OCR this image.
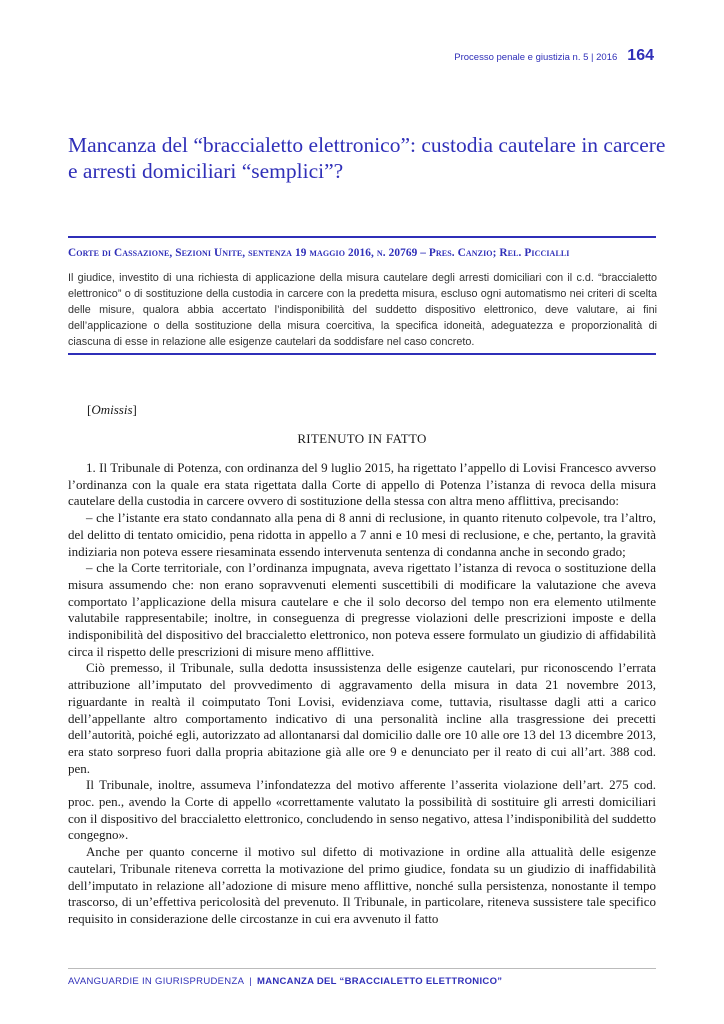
Processo penale e giustizia n. 5 | 2016 164
Mancanza del “braccialetto elettronico”: custodia cautelare in carcere e arresti domiciliari “semplici”?
Corte di Cassazione, Sezioni Unite, sentenza 19 maggio 2016, n. 20769 – Pres. Canzio; Rel. Piccialli
Il giudice, investito di una richiesta di applicazione della misura cautelare degli arresti domiciliari con il c.d. “braccialetto elettronico” o di sostituzione della custodia in carcere con la predetta misura, escluso ogni automatismo nei criteri di scelta delle misure, qualora abbia accertato l’indisponibilità del suddetto dispositivo elettronico, deve valutare, ai fini dell’applicazione o della sostituzione della misura coercitiva, la specifica idoneità, adeguatezza e proporzionalità di ciascuna di esse in relazione alle esigenze cautelari da soddisfare nel caso concreto.
[Omissis]
RITENUTO IN FATTO

1. Il Tribunale di Potenza, con ordinanza del 9 luglio 2015, ha rigettato l’appello di Lovisi Francesco avverso l’ordinanza con la quale era stata rigettata dalla Corte di appello di Potenza l’istanza di revoca della misura cautelare della custodia in carcere ovvero di sostituzione della stessa con altra meno afflittiva, precisando:

– che l’istante era stato condannato alla pena di 8 anni di reclusione, in quanto ritenuto colpevole, tra l’altro, del delitto di tentato omicidio, pena ridotta in appello a 7 anni e 10 mesi di reclusione, e che, pertanto, la gravità indiziaria non poteva essere riesaminata essendo intervenuta sentenza di condanna anche in secondo grado;

– che la Corte territoriale, con l’ordinanza impugnata, aveva rigettato l’istanza di revoca o sostituzione della misura assumendo che: non erano sopravvenuti elementi suscettibili di modificare la valutazione che aveva comportato l’applicazione della misura cautelare e che il solo decorso del tempo non era elemento utilmente valutabile rappresentabile; inoltre, in conseguenza di pregresse violazioni delle prescrizioni imposte e della indisponibilità del dispositivo del braccialetto elettronico, non poteva essere formulato un giudizio di affidabilità circa il rispetto delle prescrizioni di misure meno afflittive.

Ciò premesso, il Tribunale, sulla dedotta insussistenza delle esigenze cautelari, pur riconoscendo l’errata attribuzione all’imputato del provvedimento di aggravamento della misura in data 21 novembre 2013, riguardante in realtà il coimputato Toni Lovisi, evidenziava come, tuttavia, risultasse dagli atti a carico dell’appellante altro comportamento indicativo di una personalità incline alla trasgressione dei precetti dell’autorità, poiché egli, autorizzato ad allontanarsi dal domicilio dalle ore 10 alle ore 13 del 13 dicembre 2013, era stato sorpreso fuori dalla propria abitazione già alle ore 9 e denunciato per il reato di cui all’art. 388 cod. pen.

Il Tribunale, inoltre, assumeva l’infondatezza del motivo afferente l’asserita violazione dell’art. 275 cod. proc. pen., avendo la Corte di appello «correttamente valutato la possibilità di sostituire gli arresti domiciliari con il dispositivo del braccialetto elettronico, concludendo in senso negativo, attesa l’indisponibilità del suddetto congegno».

Anche per quanto concerne il motivo sul difetto di motivazione in ordine alla attualità delle esigenze cautelari, Tribunale riteneva corretta la motivazione del primo giudice, fondata su un giudizio di inaffidabilità dell’imputato in relazione all’adozione di misure meno afflittive, nonché sulla persistenza, nonostante il tempo trascorso, di un’effettiva pericolosità del prevenuto. Il Tribunale, in particolare, riteneva sussistere tale specifico requisito in considerazione delle circostanze in cui era avvenuto il fatto

AVANGUARDIE IN GIURISPRUDENZA | MANCANZA DEL “BRACCIALETTO ELETTRONICO”
